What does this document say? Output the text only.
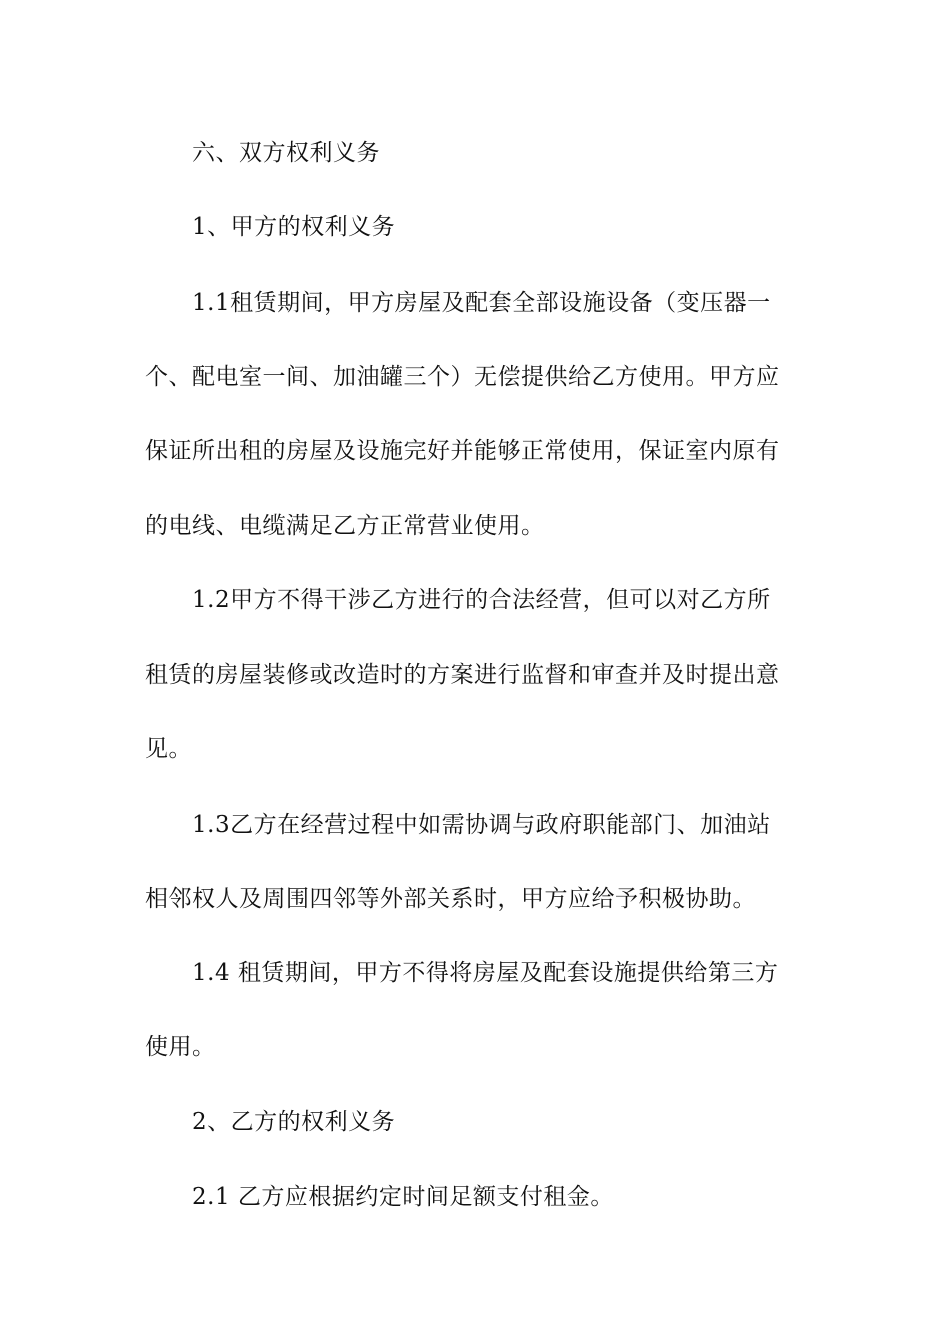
六、双方权利义务
1、甲方的权利义务
1.1租赁期间，甲方房屋及配套全部设施设备（变压器一
个、配电室一间、加油罐三个）无偿提供给乙方使用。甲方应
保证所出租的房屋及设施完好并能够正常使用，保证室内原有
的电线、电缆满足乙方正常营业使用。
1.2甲方不得干涉乙方进行的合法经营，但可以对乙方所
租赁的房屋装修或改造时的方案进行监督和审查并及时提出意
见。
1.3乙方在经营过程中如需协调与政府职能部门、加油站
相邻权人及周围四邻等外部关系时，甲方应给予积极协助。
1.4 租赁期间，甲方不得将房屋及配套设施提供给第三方
使用。
2、乙方的权利义务
2.1 乙方应根据约定时间足额支付租金。
